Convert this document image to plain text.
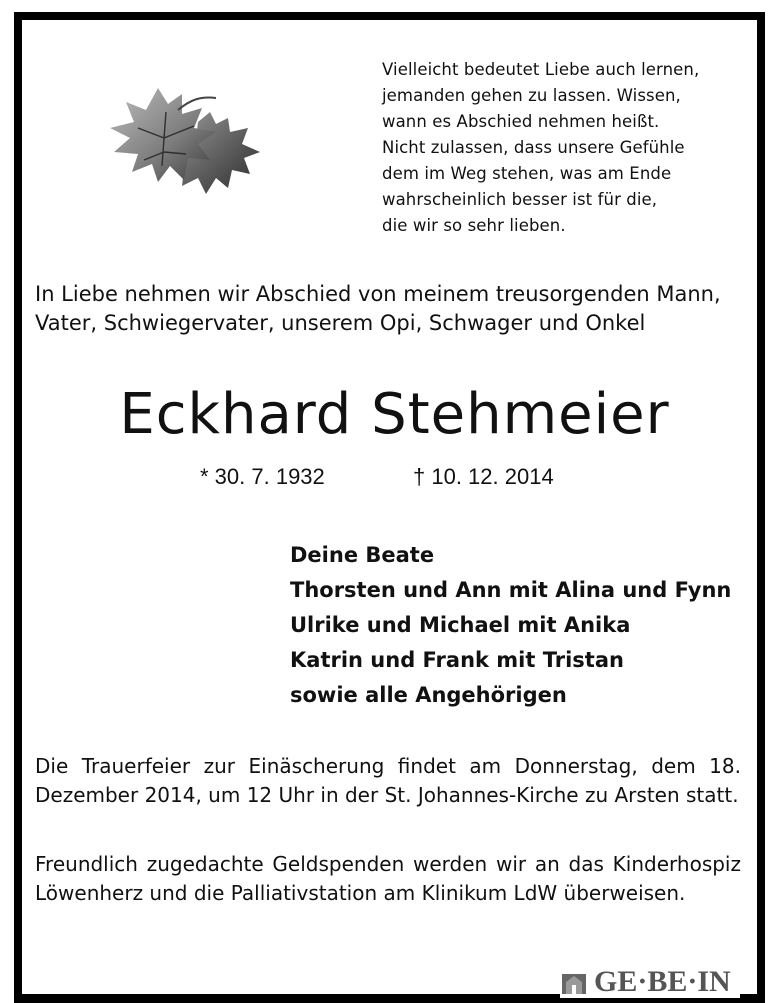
Vielleicht bedeutet Liebe auch lernen,
jemanden gehen zu lassen. Wissen,
wann es Abschied nehmen heißt.
Nicht zulassen, dass unsere Gefühle
dem im Weg stehen, was am Ende
wahrscheinlich besser ist für die,
die wir so sehr lieben.
In Liebe nehmen wir Abschied von meinem treusorgenden Mann,
Vater, Schwiegervater, unserem Opi, Schwager und Onkel
Eckhard Stehmeier
* 30. 7. 1932	† 10. 12. 2014
Deine Beate
Thorsten und Ann mit Alina und Fynn
Ulrike und Michael mit Anika
Katrin und Frank mit Tristan
sowie alle Angehörigen
Die Trauerfeier zur Einäscherung findet am Donnerstag, dem 18. Dezember 2014, um 12 Uhr in der St. Johannes-Kirche zu Arsten statt.
Freundlich zugedachte Geldspenden werden wir an das Kinderhospiz Löwenherz und die Palliativstation am Klinikum LdW überweisen.
GE·BE·IN
